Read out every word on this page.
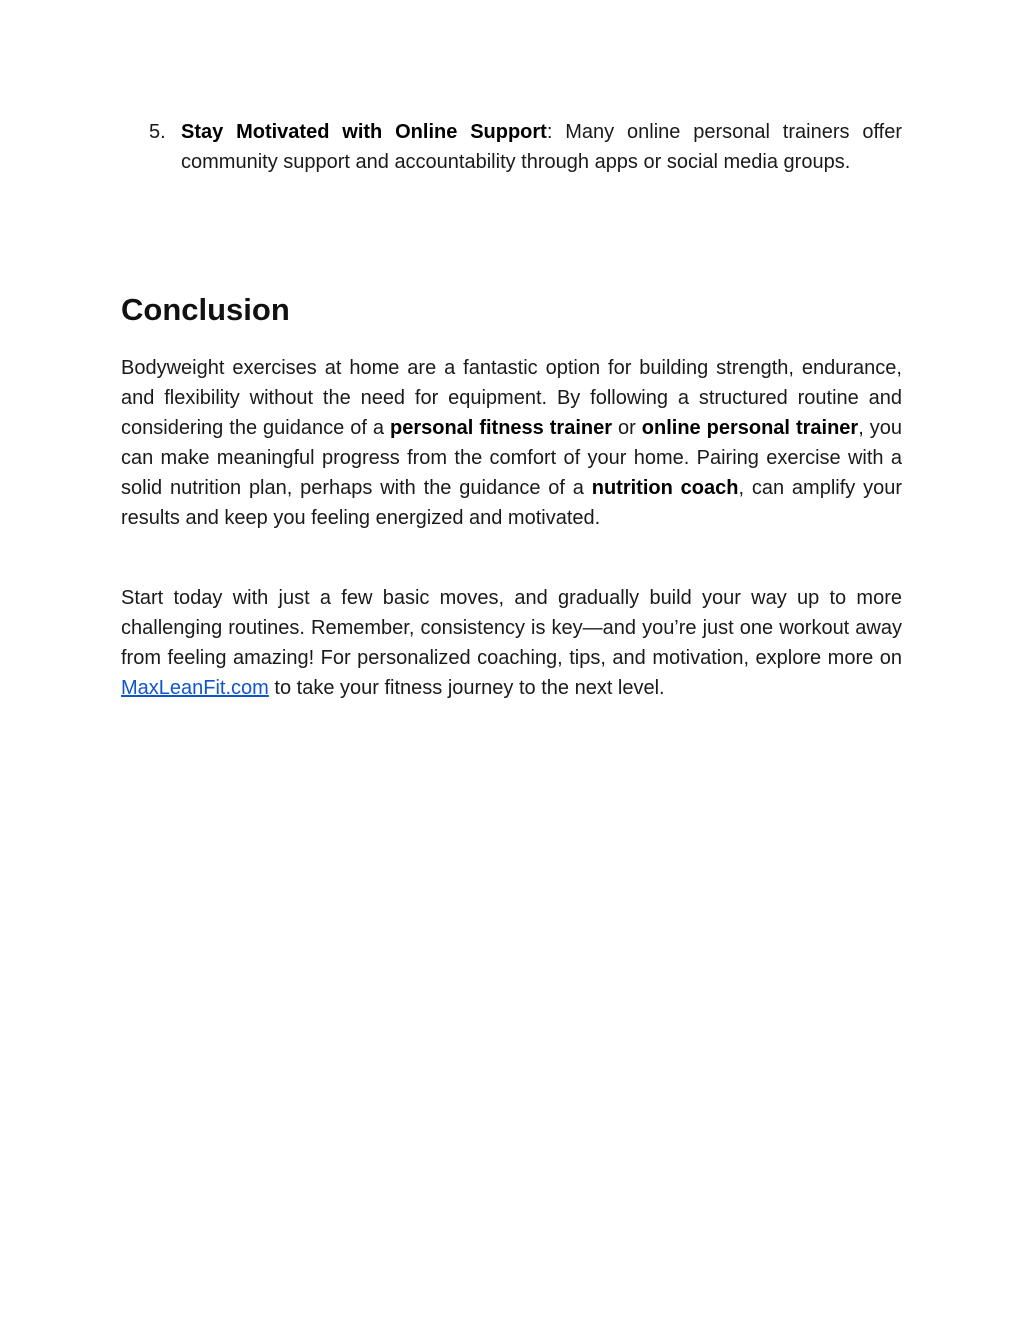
5. Stay Motivated with Online Support: Many online personal trainers offer community support and accountability through apps or social media groups.

Conclusion

Bodyweight exercises at home are a fantastic option for building strength, endurance, and flexibility without the need for equipment. By following a structured routine and considering the guidance of a personal fitness trainer or online personal trainer, you can make meaningful progress from the comfort of your home. Pairing exercise with a solid nutrition plan, perhaps with the guidance of a nutrition coach, can amplify your results and keep you feeling energized and motivated.

Start today with just a few basic moves, and gradually build your way up to more challenging routines. Remember, consistency is key—and you’re just one workout away from feeling amazing! For personalized coaching, tips, and motivation, explore more on MaxLeanFit.com to take your fitness journey to the next level.
